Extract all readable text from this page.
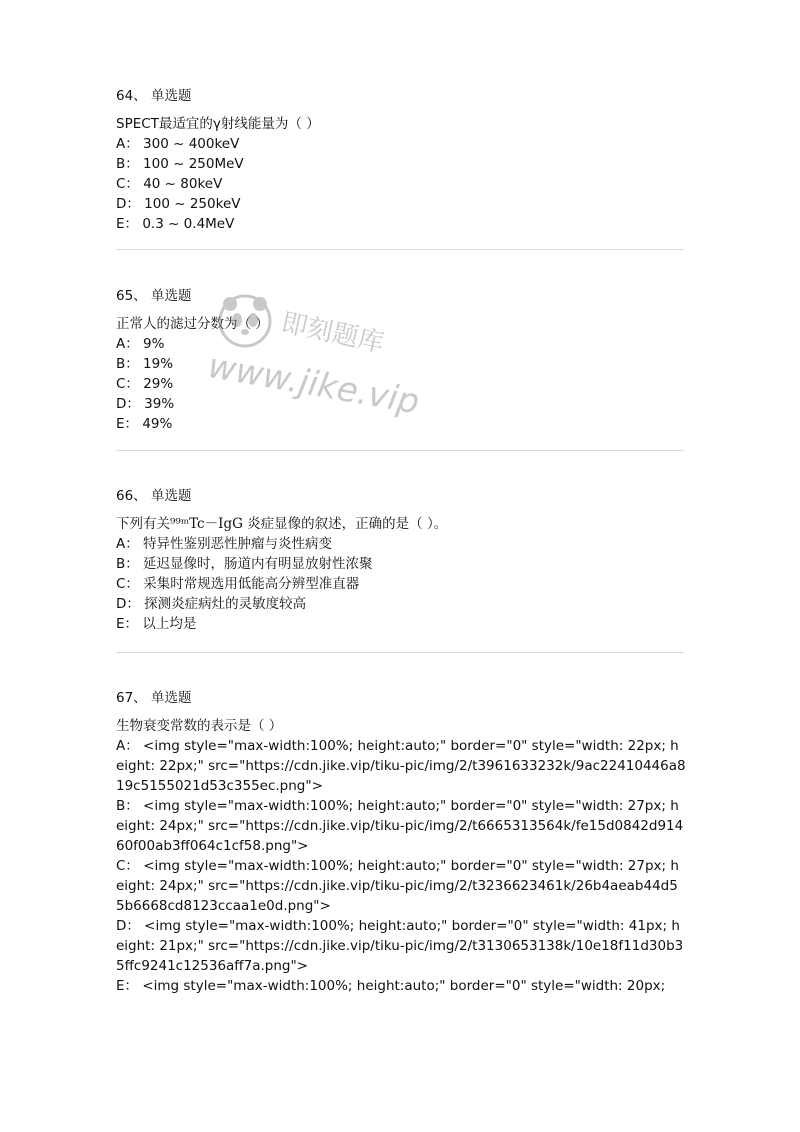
64、 单选题
SPECT最适宜的γ射线能量为（ ）
A： 300 ~ 400keV
B： 100 ~ 250MeV
C： 40 ~ 80keV
D： 100 ~ 250keV
E： 0.3 ~ 0.4MeV
65、 单选题
正常人的滤过分数为（ ）
A： 9%
B： 19%
C： 29%
D： 39%
E： 49%
66、 单选题
下列有关⁹⁹ᵐTc－IgG 炎症显像的叙述，正确的是（ ）。
A： 特异性鉴别恶性肿瘤与炎性病变
B： 延迟显像时，肠道内有明显放射性浓聚
C： 采集时常规选用低能高分辨型准直器
D： 探测炎症病灶的灵敏度较高
E： 以上均是
67、 单选题
生物衰变常数的表示是（ ）
A： <img style="max-width:100%; height:auto;" border="0" style="width: 22px; height: 22px;" src="https://cdn.jike.vip/tiku-pic/img/2/t3961633232k/9ac22410446a819c5155021d53c355ec.png">
B： <img style="max-width:100%; height:auto;" border="0" style="width: 27px; height: 24px;" src="https://cdn.jike.vip/tiku-pic/img/2/t6665313564k/fe15d0842d91460f00ab3ff064c1cf58.png">
C： <img style="max-width:100%; height:auto;" border="0" style="width: 27px; height: 24px;" src="https://cdn.jike.vip/tiku-pic/img/2/t3236623461k/26b4aeab44d55b6668cd8123ccaa1e0d.png">
D： <img style="max-width:100%; height:auto;" border="0" style="width: 41px; height: 21px;" src="https://cdn.jike.vip/tiku-pic/img/2/t3130653138k/10e18f11d30b35ffc9241c12536aff7a.png">
E： <img style="max-width:100%; height:auto;" border="0" style="width: 20px;
即刻题库
www.jike.vip
